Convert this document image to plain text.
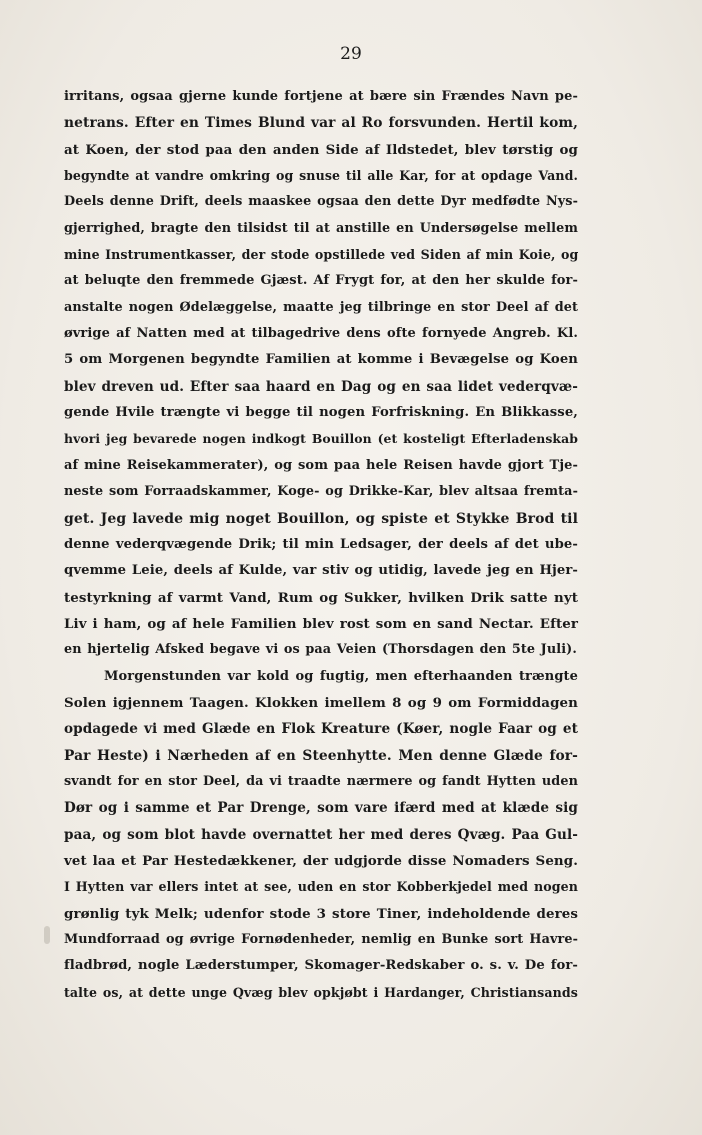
29
irritans, ogsaa gjerne kunde fortjene at bære sin Frændes Navn pe-
netrans. Efter en Times Blund var al Ro forsvunden. Hertil kom,
at Koen, der stod paa den anden Side af Ildstedet, blev tørstig og
begyndte at vandre omkring og snuse til alle Kar, for at opdage Vand.
Deels denne Drift, deels maaskee ogsaa den dette Dyr medfødte Nys-
gjerrighed, bragte den tilsidst til at anstille en Undersøgelse mellem
mine Instrumentkasser, der stode opstillede ved Siden af min Koie, og
at beluqte den fremmede Gjæst. Af Frygt for, at den her skulde for-
anstalte nogen Ødelæggelse, maatte jeg tilbringe en stor Deel af det
øvrige af Natten med at tilbagedrive dens ofte fornyede Angreb. Kl.
5 om Morgenen begyndte Familien at komme i Bevægelse og Koen
blev dreven ud. Efter saa haard en Dag og en saa lidet vederqvæ-
gende Hvile trængte vi begge til nogen Forfriskning. En Blikkasse,
hvori jeg bevarede nogen indkogt Bouillon (et kosteligt Efterladenskab
af mine Reisekammerater), og som paa hele Reisen havde gjort Tje-
neste som Forraadskammer, Koge- og Drikke-Kar, blev altsaa fremta-
get. Jeg lavede mig noget Bouillon, og spiste et Stykke Brod til
denne vederqvægende Drik; til min Ledsager, der deels af det ube-
qvemme Leie, deels af Kulde, var stiv og utidig, lavede jeg en Hjer-
testyrkning af varmt Vand, Rum og Sukker, hvilken Drik satte nyt
Liv i ham, og af hele Familien blev rost som en sand Nectar. Efter
en hjertelig Afsked begave vi os paa Veien (Thorsdagen den 5te Juli).
Morgenstunden var kold og fugtig, men efterhaanden trængte
Solen igjennem Taagen. Klokken imellem 8 og 9 om Formiddagen
opdagede vi med Glæde en Flok Kreature (Køer, nogle Faar og et
Par Heste) i Nærheden af en Steenhytte. Men denne Glæde for-
svandt for en stor Deel, da vi traadte nærmere og fandt Hytten uden
Dør og i samme et Par Drenge, som vare ifærd med at klæde sig
paa, og som blot havde overnattet her med deres Qvæg. Paa Gul-
vet laa et Par Hestedækkener, der udgjorde disse Nomaders Seng.
I Hytten var ellers intet at see, uden en stor Kobberkjedel med nogen
grønlig tyk Melk; udenfor stode 3 store Tiner, indeholdende deres
Mundforraad og øvrige Fornødenheder, nemlig en Bunke sort Havre-
fladbrød, nogle Læderstumper, Skomager-Redskaber o. s. v. De for-
talte os, at dette unge Qvæg blev opkjøbt i Hardanger, Christiansands
